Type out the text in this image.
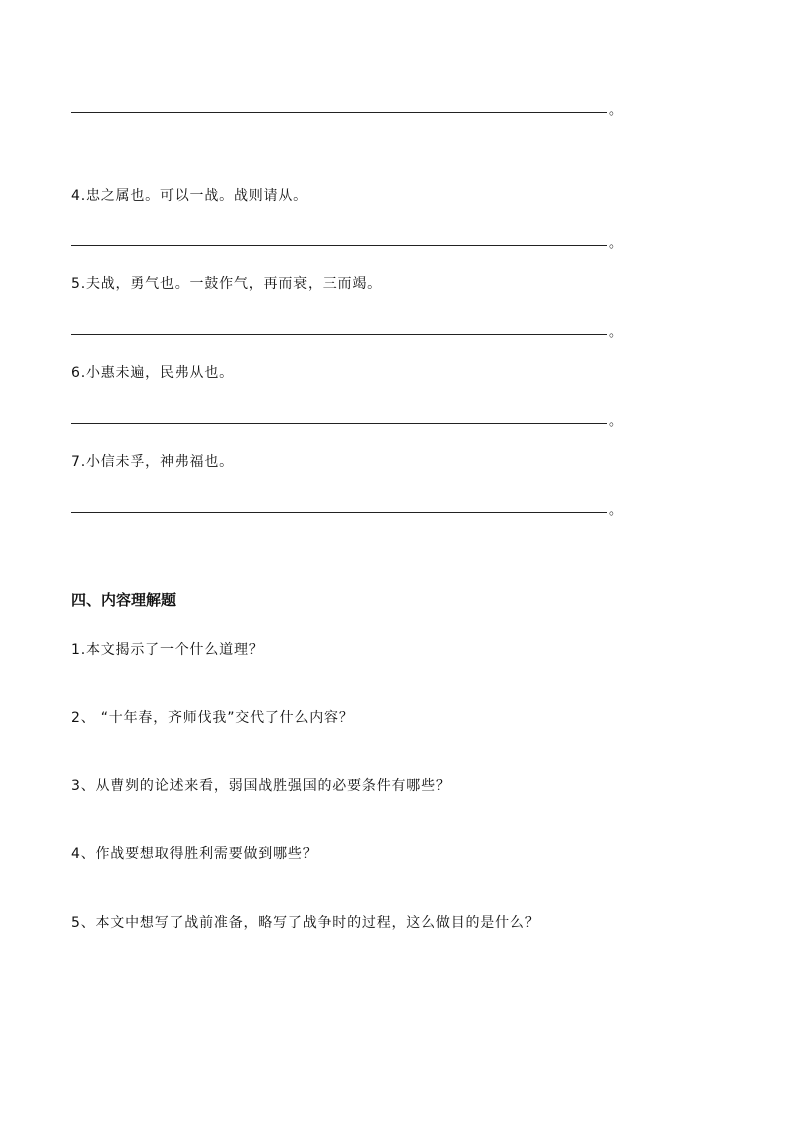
。
4.忠之属也。可以一战。战则请从。
。
5.夫战，勇气也。一鼓作气，再而衰，三而竭。
。
6.小惠未遍，民弗从也。
。
7.小信未孚，神弗福也。
。
四、内容理解题
1.本文揭示了一个什么道理？
2、 “十年春，齐师伐我”交代了什么内容？
3、从曹刿的论述来看，弱国战胜强国的必要条件有哪些？
4、作战要想取得胜利需要做到哪些？
5、本文中想写了战前准备，略写了战争时的过程，这么做目的是什么？
